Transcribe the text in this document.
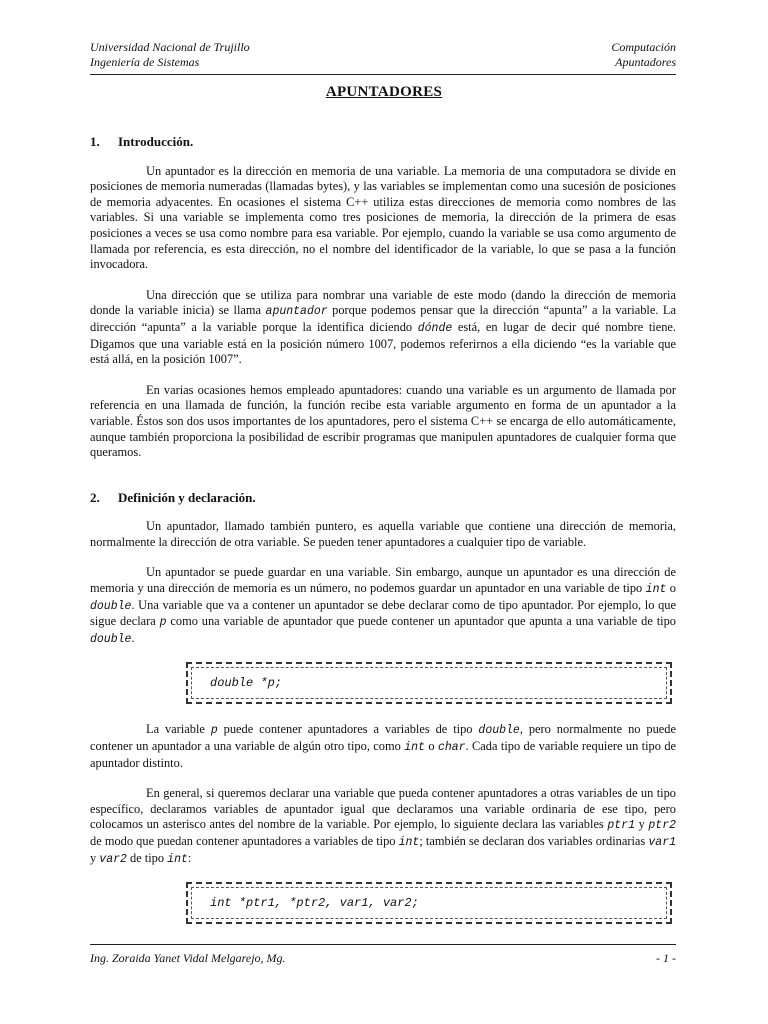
Universidad Nacional de Trujillo
Ingeniería de Sistemas
Computación
Apuntadores
APUNTADORES
1. Introducción.

Un apuntador es la dirección en memoria de una variable. La memoria de una computadora se divide en posiciones de memoria numeradas (llamadas bytes), y las variables se implementan como una sucesión de posiciones de memoria adyacentes. En ocasiones el sistema C++ utiliza estas direcciones de memoria como nombres de las variables. Si una variable se implementa como tres posiciones de memoria, la dirección de la primera de esas posiciones a veces se usa como nombre para esa variable. Por ejemplo, cuando la variable se usa como argumento de llamada por referencia, es esta dirección, no el nombre del identificador de la variable, lo que se pasa a la función invocadora.

Una dirección que se utiliza para nombrar una variable de este modo (dando la dirección de memoria donde la variable inicia) se llama apuntador porque podemos pensar que la dirección “apunta” a la variable. La dirección “apunta” a la variable porque la identifica diciendo dónde está, en lugar de decir qué nombre tiene. Digamos que una variable está en la posición número 1007, podemos referirnos a ella diciendo “es la variable que está allá, en la posición 1007”.

En varias ocasiones hemos empleado apuntadores: cuando una variable es un argumento de llamada por referencia en una llamada de función, la función recibe esta variable argumento en forma de un apuntador a la variable. Éstos son dos usos importantes de los apuntadores, pero el sistema C++ se encarga de ello automáticamente, aunque también proporciona la posibilidad de escribir programas que manipulen apuntadores de cualquier forma que queramos.

2. Definición y declaración.

Un apuntador, llamado también puntero, es aquella variable que contiene una dirección de memoria, normalmente la dirección de otra variable. Se pueden tener apuntadores a cualquier tipo de variable.

Un apuntador se puede guardar en una variable. Sin embargo, aunque un apuntador es una dirección de memoria y una dirección de memoria es un número, no podemos guardar un apuntador en una variable de tipo int o double. Una variable que va a contener un apuntador se debe declarar como de tipo apuntador. Por ejemplo, lo que sigue declara p como una variable de apuntador que puede contener un apuntador que apunta a una variable de tipo double.

double *p;

La variable p puede contener apuntadores a variables de tipo double, pero normalmente no puede contener un apuntador a una variable de algún otro tipo, como int o char. Cada tipo de variable requiere un tipo de apuntador distinto.

En general, si queremos declarar una variable que pueda contener apuntadores a otras variables de un tipo específico, declaramos variables de apuntador igual que declaramos una variable ordinaria de ese tipo, pero colocamos un asterisco antes del nombre de la variable. Por ejemplo, lo siguiente declara las variables ptr1 y ptr2 de modo que puedan contener apuntadores a variables de tipo int; también se declaran dos variables ordinarias var1 y var2 de tipo int:

int *ptr1, *ptr2, var1, var2;
Ing. Zoraida Yanet Vidal Melgarejo, Mg.	- 1 -
